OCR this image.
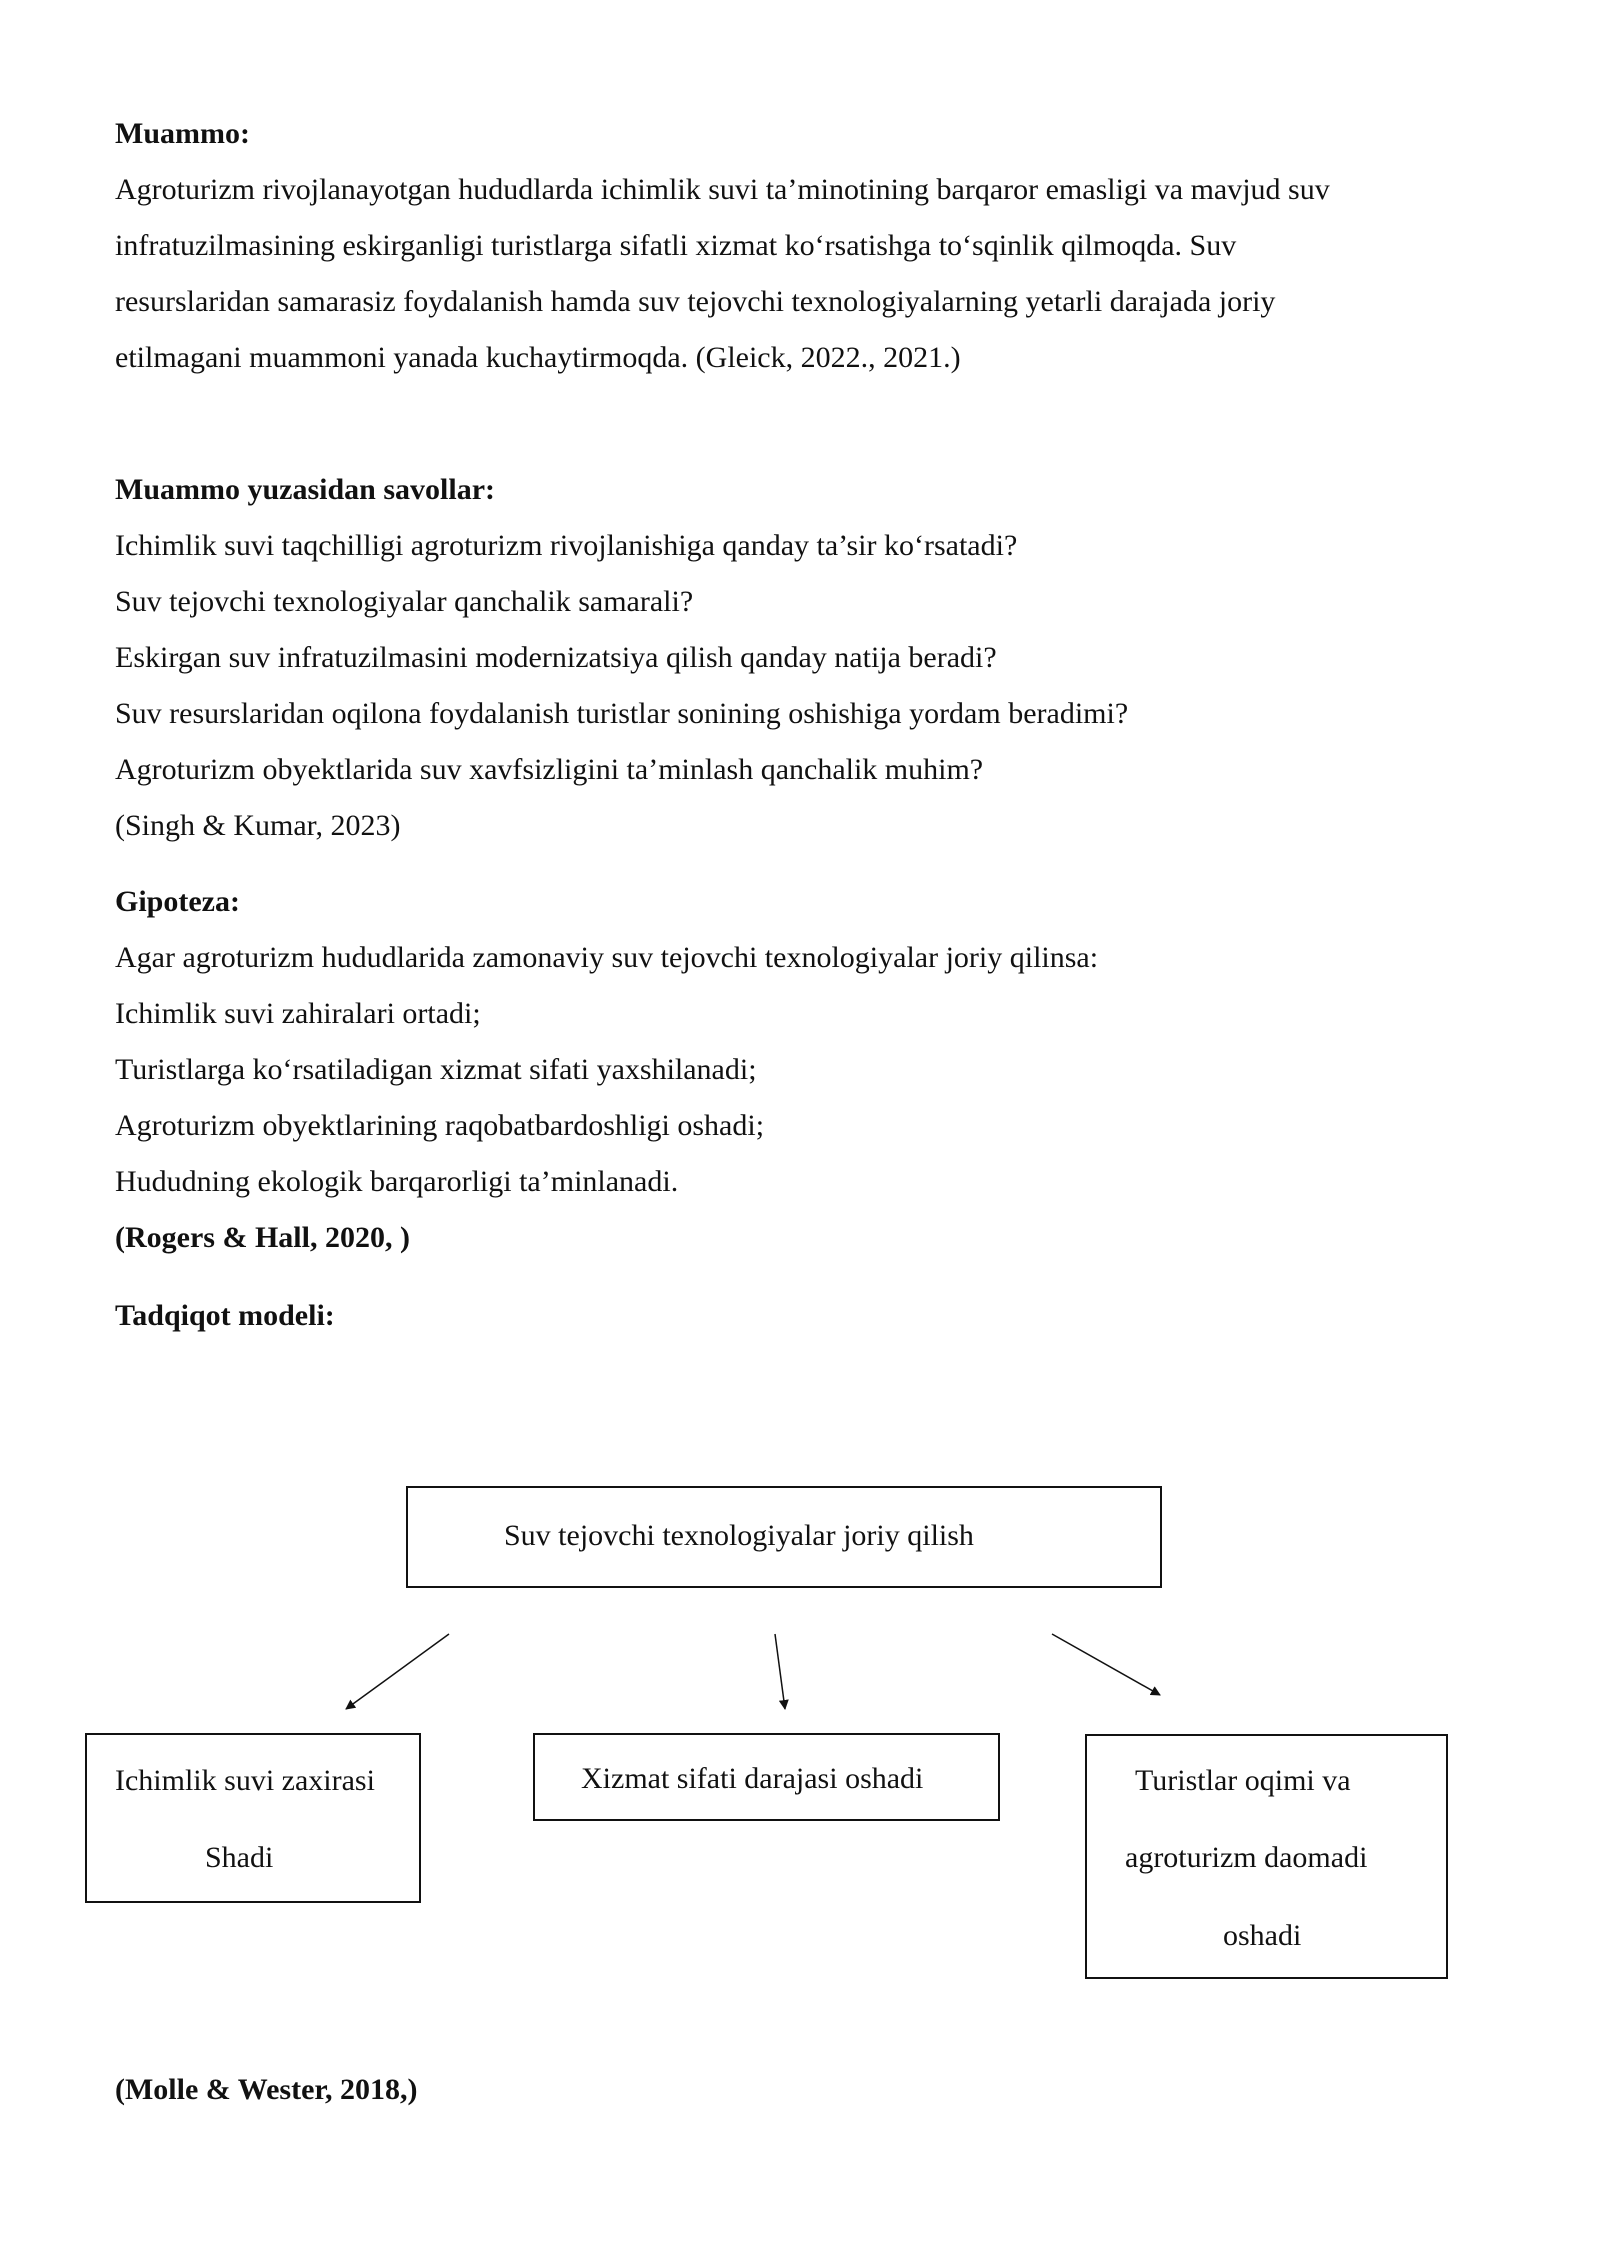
Muammo:

Agroturizm rivojlanayotgan hududlarda ichimlik suvi ta’minotining barqaror emasligi va mavjud suv

infratuzilmasining eskirganligi turistlarga sifatli xizmat koʻrsatishga toʻsqinlik qilmoqda. Suv

resurslaridan samarasiz foydalanish hamda suv tejovchi texnologiyalarning yetarli darajada joriy

etilmagani muammoni yanada kuchaytirmoqda. (Gleick, 2022., 2021.)

Muammo yuzasidan savollar:

Ichimlik suvi taqchilligi agroturizm rivojlanishiga qanday ta’sir koʻrsatadi?

Suv tejovchi texnologiyalar qanchalik samarali?

Eskirgan suv infratuzilmasini modernizatsiya qilish qanday natija beradi?

Suv resurslaridan oqilona foydalanish turistlar sonining oshishiga yordam beradimi?

Agroturizm obyektlarida suv xavfsizligini ta’minlash qanchalik muhim?

(Singh & Kumar, 2023)

Gipoteza:

Agar agroturizm hududlarida zamonaviy suv tejovchi texnologiyalar joriy qilinsa:

Ichimlik suvi zahiralari ortadi;

Turistlarga koʻrsatiladigan xizmat sifati yaxshilanadi;

Agroturizm obyektlarining raqobatbardoshligi oshadi;

Hududning ekologik barqarorligi ta’minlanadi.

(Rogers & Hall, 2020, )

Tadqiqot modeli:

Suv tejovchi texnologiyalar joriy qilish
Ichimlik suvi zaxirasi
Shadi
Xizmat sifati darajasi oshadi	Turistlar oqimi va
agroturizm daomadi
oshadi

(Molle & Wester, 2018,)
